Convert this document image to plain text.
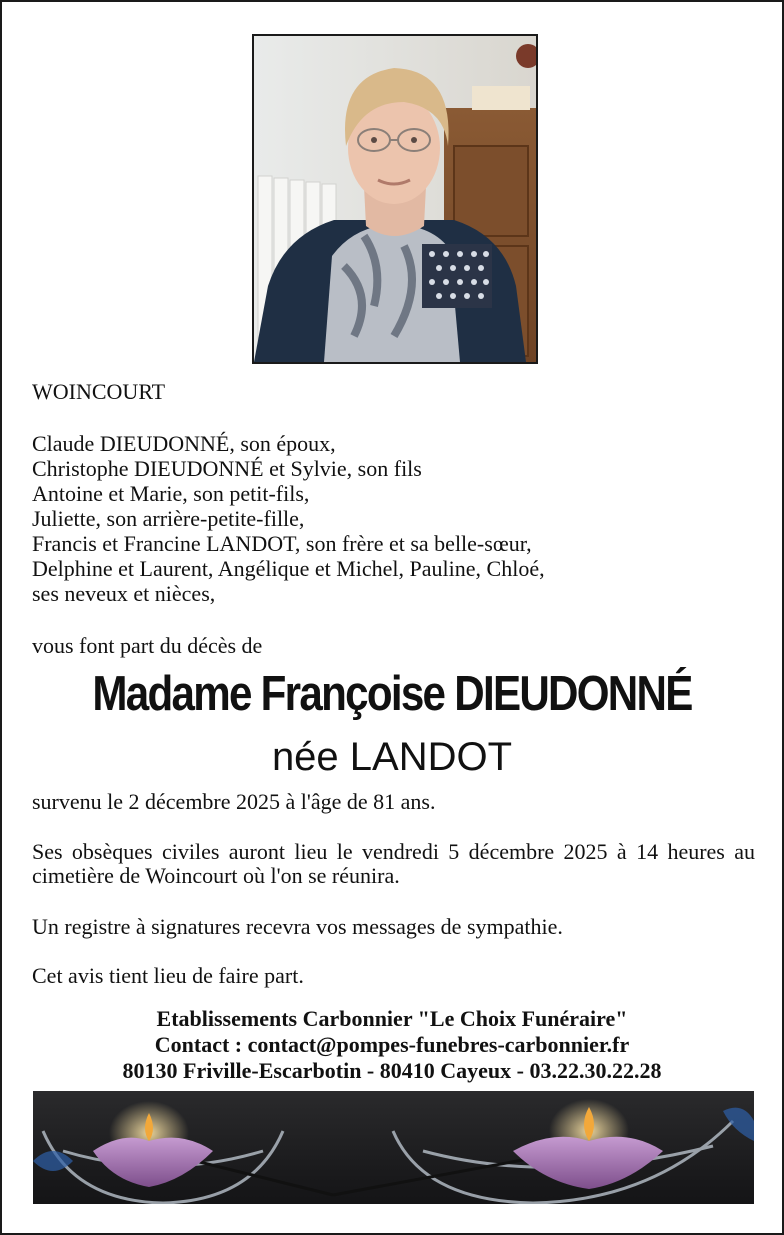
WOINCOURT
Claude DIEUDONNÉ, son époux,
Christophe DIEUDONNÉ et Sylvie, son fils
Antoine et Marie, son petit-fils,
Juliette, son arrière-petite-fille,
Francis et Francine LANDOT, son frère et sa belle-sœur,
Delphine et Laurent, Angélique et Michel, Pauline, Chloé,
ses neveux et nièces,
vous font part du décès de
Madame Françoise DIEUDONNÉ
née LANDOT
survenu le 2 décembre 2025 à l'âge de 81 ans.
Ses obsèques civiles auront lieu le vendredi 5 décembre 2025 à 14 heures au cimetière de Woincourt où l'on se réunira.
Un registre à signatures recevra vos messages de sympathie.
Cet avis tient lieu de faire part.
Etablissements Carbonnier "Le Choix Funéraire"
Contact : contact@pompes-funebres-carbonnier.fr
80130 Friville-Escarbotin - 80410 Cayeux - 03.22.30.22.28
